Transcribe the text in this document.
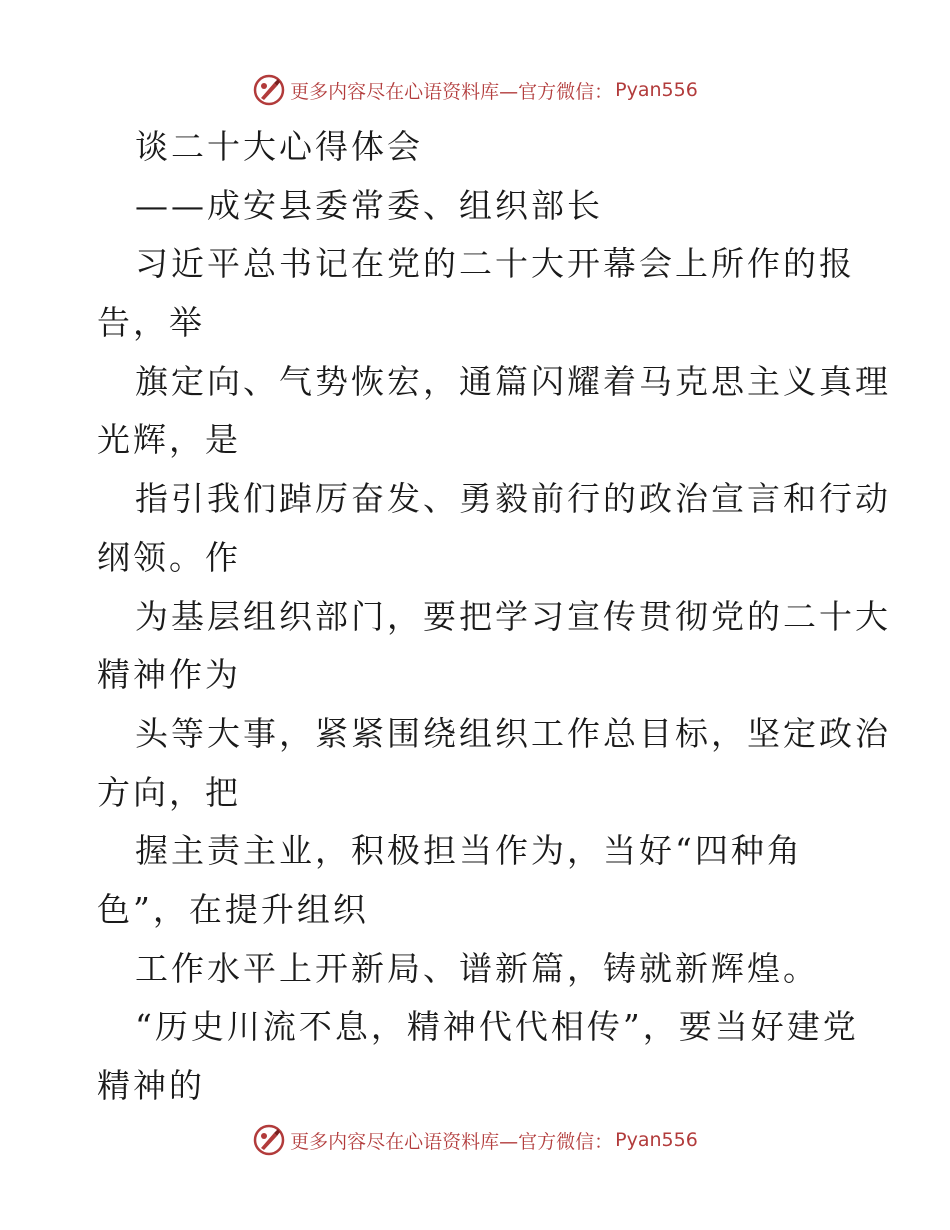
更多内容尽在心语资料库—官方微信： Pyan556
谈二十大心得体会
——成安县委常委、组织部长
习近平总书记在党的二十大开幕会上所作的报
告，举
旗定向、气势恢宏，通篇闪耀着马克思主义真理
光辉，是
指引我们踔厉奋发、勇毅前行的政治宣言和行动
纲领。作
为基层组织部门，要把学习宣传贯彻党的二十大
精神作为
头等大事，紧紧围绕组织工作总目标，坚定政治
方向，把
握主责主业，积极担当作为，当好“四种角
色”，在提升组织
工作水平上开新局、谱新篇，铸就新辉煌。
“历史川流不息，精神代代相传”，要当好建党
精神的
更多内容尽在心语资料库—官方微信： Pyan556
